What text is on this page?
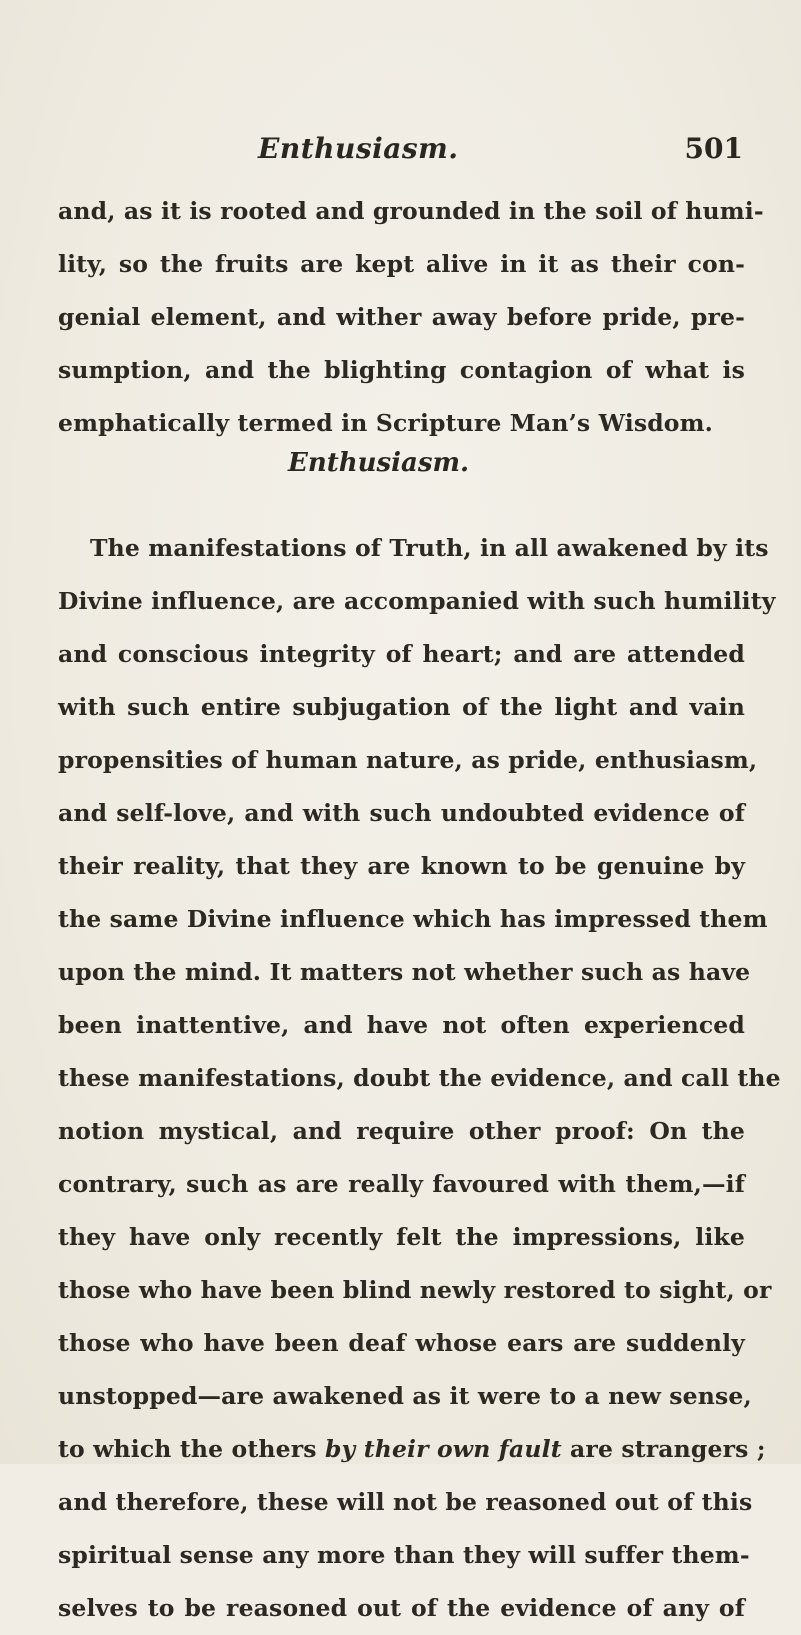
Enthusiasm.	501
and, as it is rooted and grounded in the soil of humi-
lity, so the fruits are kept alive in it as their con-
genial element, and wither away before pride, pre-
sumption, and the blighting contagion of what is
emphatically termed in Scripture Man’s Wisdom.
Enthusiasm.
The manifestations of Truth, in all awakened by its
Divine influence, are accompanied with such humility
and conscious integrity of heart; and are attended
with such entire subjugation of the light and vain
propensities of human nature, as pride, enthusiasm,
and self-love, and with such undoubted evidence of
their reality, that they are known to be genuine by
the same Divine influence which has impressed them
upon the mind. It matters not whether such as have
been inattentive, and have not often experienced
these manifestations, doubt the evidence, and call the
notion mystical, and require other proof: On the
contrary, such as are really favoured with them,—if
they have only recently felt the impressions, like
those who have been blind newly restored to sight, or
those who have been deaf whose ears are suddenly
unstopped—are awakened as it were to a new sense,
to which the others by their own fault are strangers ;
and therefore, these will not be reasoned out of this
spiritual sense any more than they will suffer them-
selves to be reasoned out of the evidence of any of
